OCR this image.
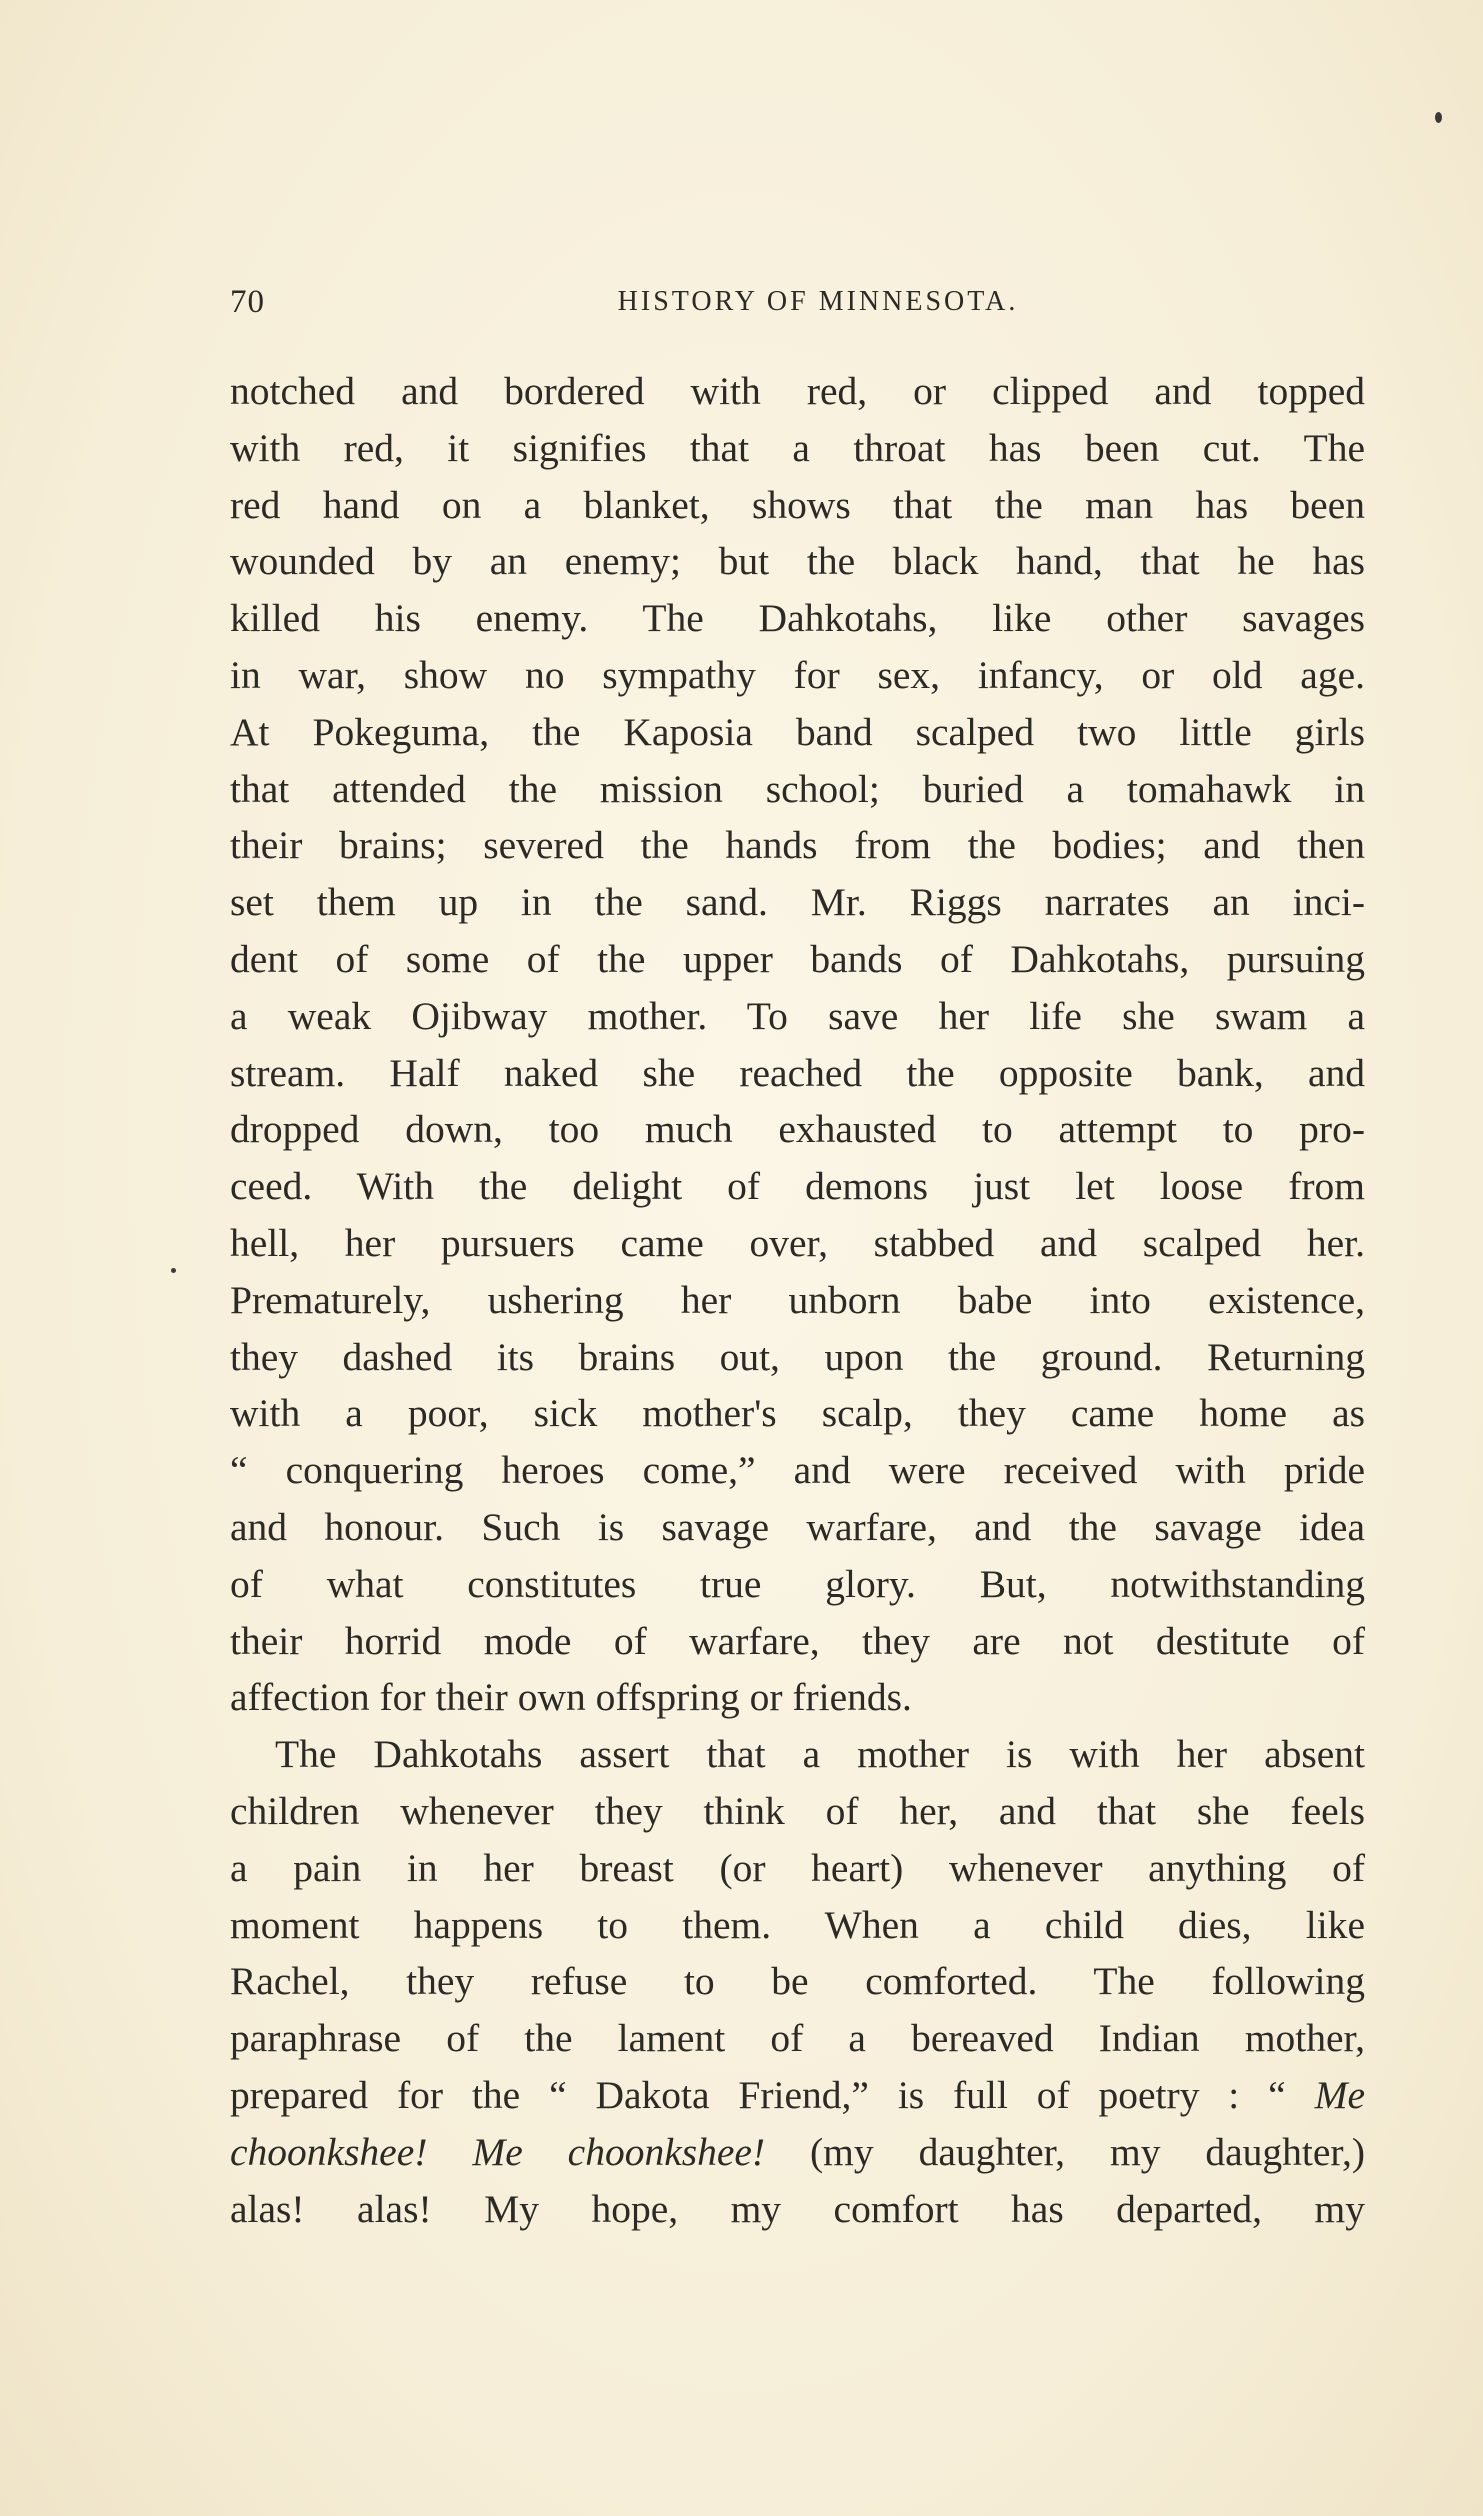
70	HISTORY OF MINNESOTA.
notched and bordered with red, or clipped and topped
with red, it signifies that a throat has been cut. The
red hand on a blanket, shows that the man has been
wounded by an enemy; but the black hand, that he has
killed his enemy. The Dahkotahs, like other savages
in war, show no sympathy for sex, infancy, or old age.
At Pokeguma, the Kaposia band scalped two little girls
that attended the mission school; buried a tomahawk in
their brains; severed the hands from the bodies; and then
set them up in the sand. Mr. Riggs narrates an inci-
dent of some of the upper bands of Dahkotahs, pursuing
a weak Ojibway mother. To save her life she swam a
stream. Half naked she reached the opposite bank, and
dropped down, too much exhausted to attempt to pro-
ceed. With the delight of demons just let loose from
hell, her pursuers came over, stabbed and scalped her.
Prematurely, ushering her unborn babe into existence,
they dashed its brains out, upon the ground. Returning
with a poor, sick mother's scalp, they came home as
“ conquering heroes come,” and were received with pride
and honour. Such is savage warfare, and the savage idea
of what constitutes true glory. But, notwithstanding
their horrid mode of warfare, they are not destitute of
affection for their own offspring or friends.
The Dahkotahs assert that a mother is with her absent
children whenever they think of her, and that she feels
a pain in her breast (or heart) whenever anything of
moment happens to them. When a child dies, like
Rachel, they refuse to be comforted. The following
paraphrase of the lament of a bereaved Indian mother,
prepared for the “ Dakota Friend,” is full of poetry : “ Me
choonkshee! Me choonkshee! (my daughter, my daughter,)
alas! alas! My hope, my comfort has departed, my
